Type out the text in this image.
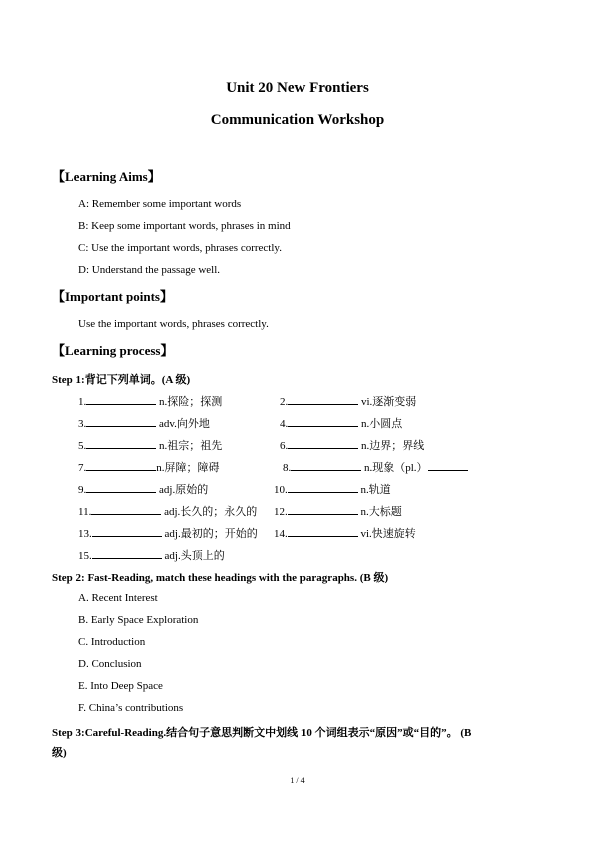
Unit 20 New Frontiers
Communication Workshop
【Learning Aims】
A: Remember some important words
B: Keep some important words, phrases in mind
C: Use the important words, phrases correctly.
D: Understand the passage well.
【Important points】
Use the important words, phrases correctly.
【Learning process】
Step 1:背记下列单词。(A 级)
1.	n.探险；探测	2.	vi.逐渐变弱
3.	adv.向外地	4.	n.小圆点
5.	n.祖宗；祖先	6.	n.边界；界线
7.	n.屏障；障碍	8.	n.现象（pl.）
9.	adj.原始的	10.	n.轨道
11.	adj.长久的；永久的 12.	n.大标题
13.	adj.最初的；开始的 14.	vi.快速旋转
15.	adj.头顶上的
Step 2: Fast-Reading, match these headings with the paragraphs. (B 级)
A. Recent Interest
B. Early Space Exploration
C. Introduction
D. Conclusion
E. Into Deep Space
F. China’s contributions
Step 3:Careful-Reading.结合句子意思判断文中划线 10 个词组表示“原因”或“目的”。 (B
级)
1 / 4
